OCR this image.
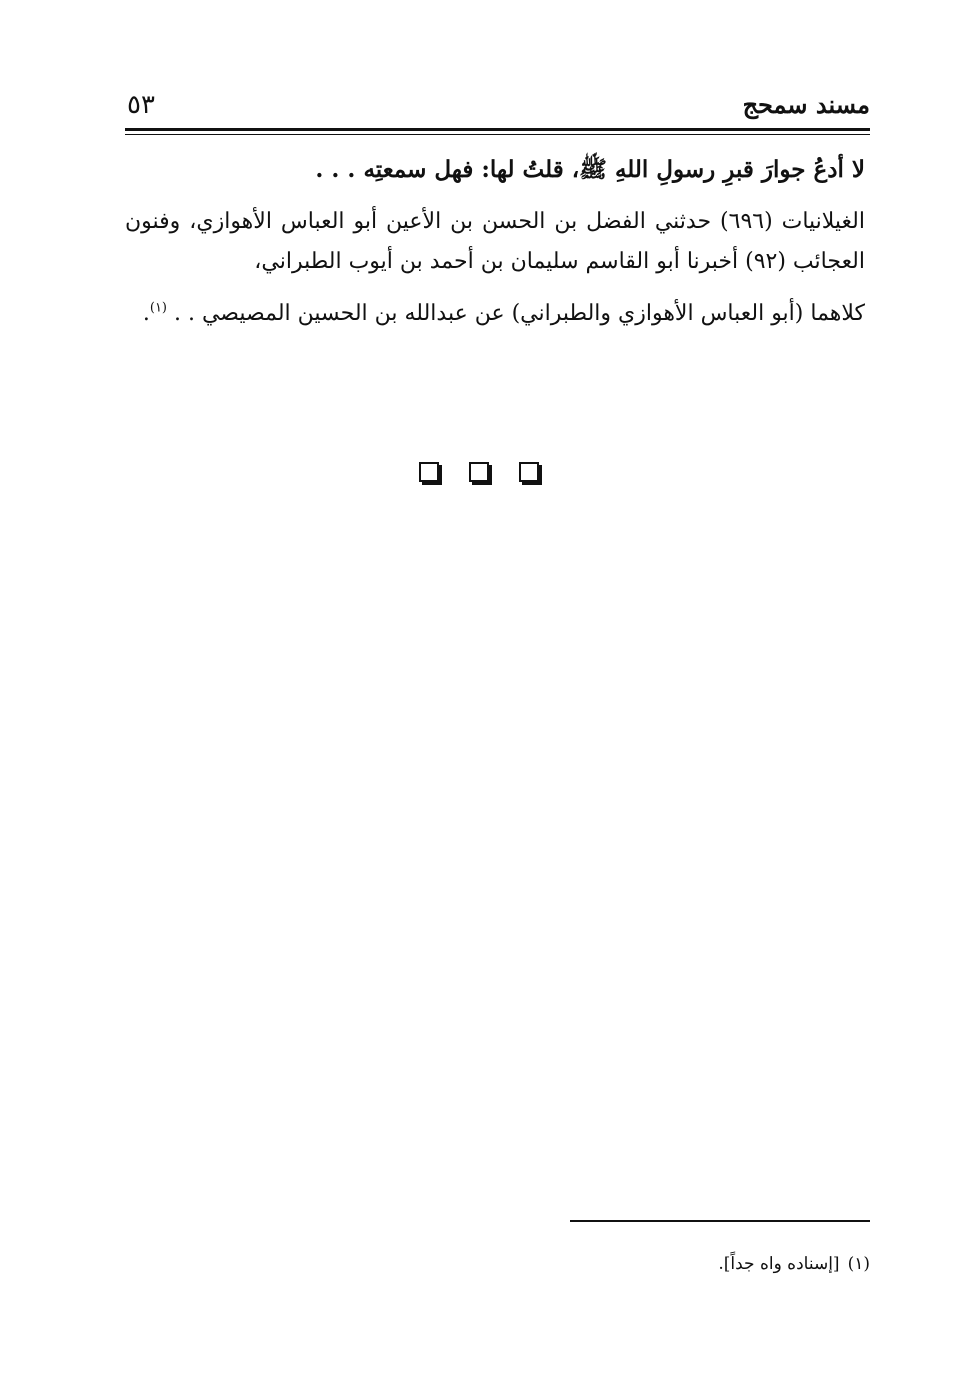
مسند سمحج
٥٣

لا أدعُ جوارَ قبرِ رسولِ اللهِ ﷺ، قلتُ لها: فهل سمعتِه . . .

الغيلانيات (٦٩٦) حدثني الفضل بن الحسن بن الأعين أبو العباس الأهوازي، وفنون العجائب (٩٢) أخبرنا أبو القاسم سليمان بن أحمد بن أيوب الطبراني،

كلاهما (أبو العباس الأهوازي والطبراني) عن عبدالله بن الحسين المصيصي . . $^{(١)}$.

(١)[إسناده واه جداً].
